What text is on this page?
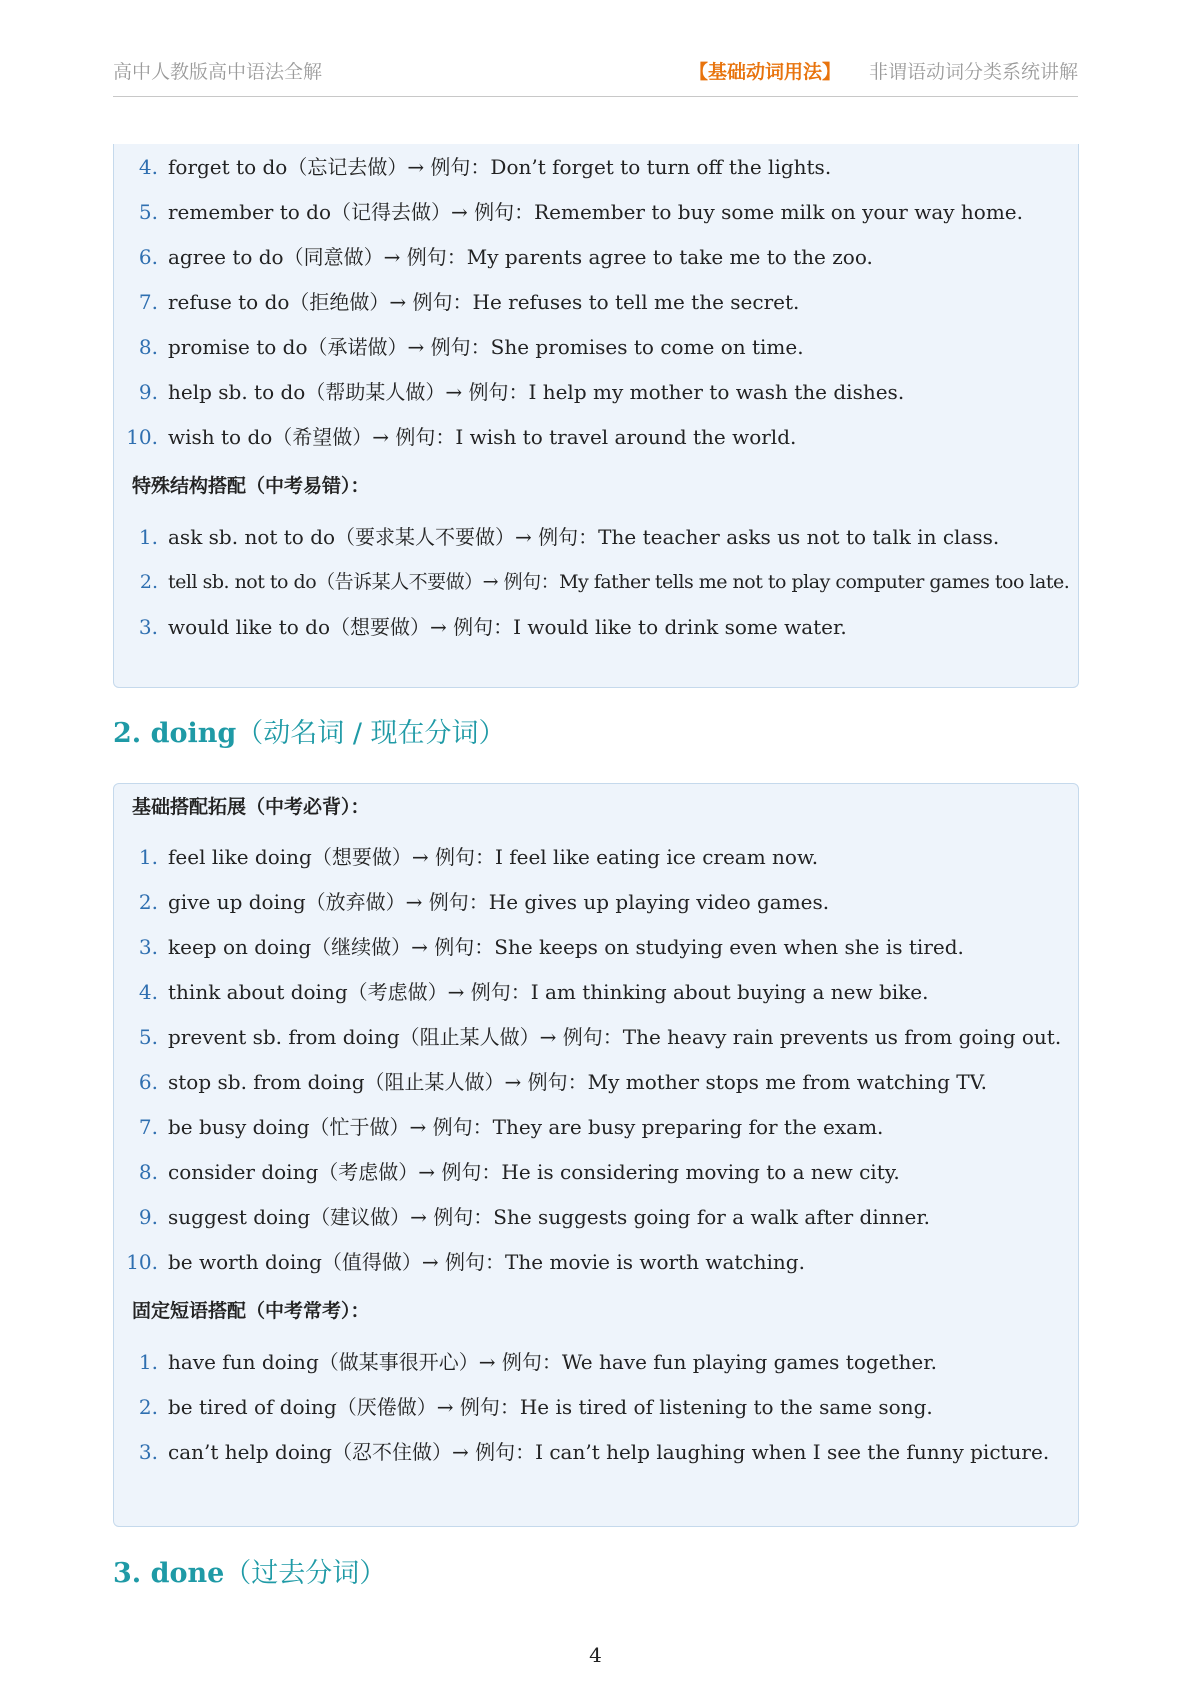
高中人教版高中语法全解	【基础动词用法】 非谓语动词分类系统讲解
4. forget to do（忘记去做）→ 例句：Don’t forget to turn off the lights.
5. remember to do（记得去做）→ 例句：Remember to buy some milk on your way home.
6. agree to do（同意做）→ 例句：My parents agree to take me to the zoo.
7. refuse to do（拒绝做）→ 例句：He refuses to tell me the secret.
8. promise to do（承诺做）→ 例句：She promises to come on time.
9. help sb. to do（帮助某人做）→ 例句：I help my mother to wash the dishes.
10. wish to do（希望做）→ 例句：I wish to travel around the world.
特殊结构搭配（中考易错）：
1. ask sb. not to do（要求某人不要做）→ 例句：The teacher asks us not to talk in class.
2. tell sb. not to do（告诉某人不要做）→ 例句：My father tells me not to play computer games too late.
3. would like to do（想要做）→ 例句：I would like to drink some water.
2. doing（动名词 / 现在分词）
基础搭配拓展（中考必背）：
1. feel like doing（想要做）→ 例句：I feel like eating ice cream now.
2. give up doing（放弃做）→ 例句：He gives up playing video games.
3. keep on doing（继续做）→ 例句：She keeps on studying even when she is tired.
4. think about doing（考虑做）→ 例句：I am thinking about buying a new bike.
5. prevent sb. from doing（阻止某人做）→ 例句：The heavy rain prevents us from going out.
6. stop sb. from doing（阻止某人做）→ 例句：My mother stops me from watching TV.
7. be busy doing（忙于做）→ 例句：They are busy preparing for the exam.
8. consider doing（考虑做）→ 例句：He is considering moving to a new city.
9. suggest doing（建议做）→ 例句：She suggests going for a walk after dinner.
10. be worth doing（值得做）→ 例句：The movie is worth watching.
固定短语搭配（中考常考）：
1. have fun doing（做某事很开心）→ 例句：We have fun playing games together.
2. be tired of doing（厌倦做）→ 例句：He is tired of listening to the same song.
3. can’t help doing（忍不住做）→ 例句：I can’t help laughing when I see the funny picture.
3. done（过去分词）
4
